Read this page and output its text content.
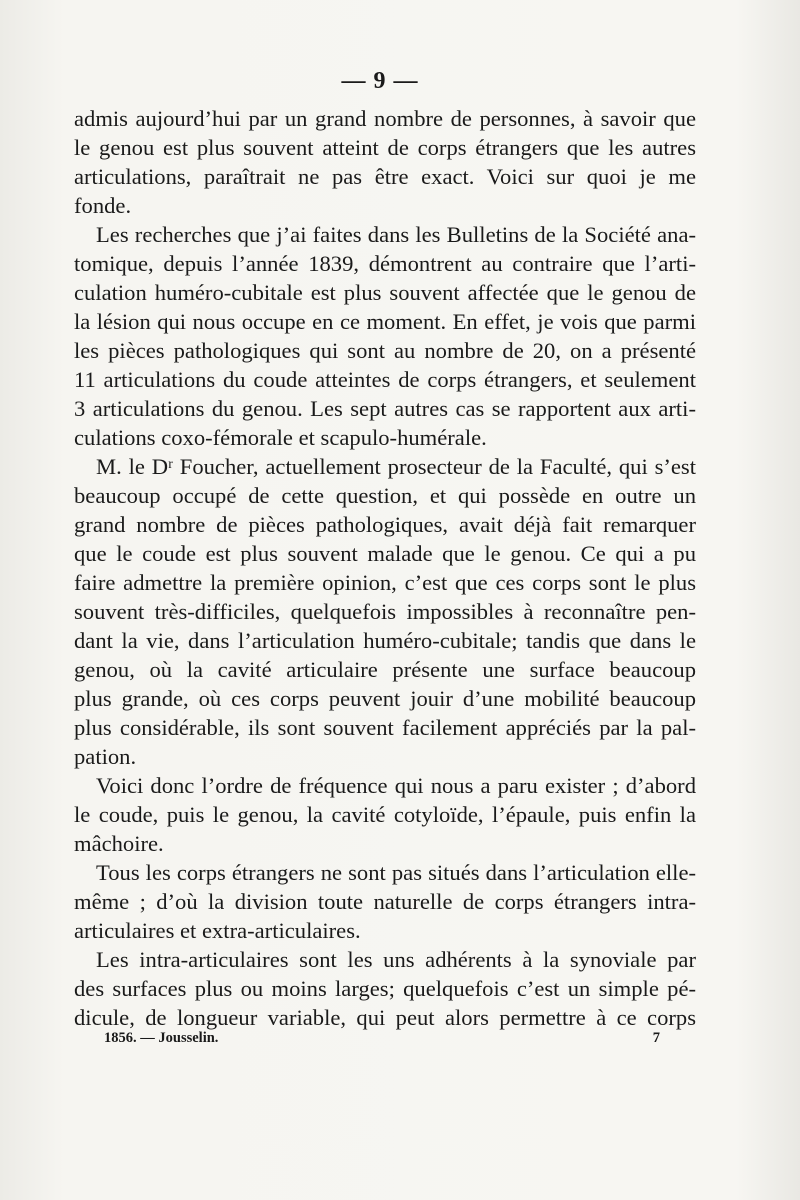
— 9 —
admis aujourd’hui par un grand nombre de personnes, à savoir que
le genou est plus souvent atteint de corps étrangers que les autres
articulations, paraîtrait ne pas être exact. Voici sur quoi je me
fonde.
Les recherches que j’ai faites dans les Bulletins de la Société ana-
tomique, depuis l’année 1839, démontrent au contraire que l’arti-
culation huméro-cubitale est plus souvent affectée que le genou de
la lésion qui nous occupe en ce moment. En effet, je vois que parmi
les pièces pathologiques qui sont au nombre de 20, on a présenté
11 articulations du coude atteintes de corps étrangers, et seulement
3 articulations du genou. Les sept autres cas se rapportent aux arti-
culations coxo-fémorale et scapulo-humérale.
M. le Dʳ Foucher, actuellement prosecteur de la Faculté, qui s’est
beaucoup occupé de cette question, et qui possède en outre un
grand nombre de pièces pathologiques, avait déjà fait remarquer
que le coude est plus souvent malade que le genou. Ce qui a pu
faire admettre la première opinion, c’est que ces corps sont le plus
souvent très-difficiles, quelquefois impossibles à reconnaître pen-
dant la vie, dans l’articulation huméro-cubitale; tandis que dans le
genou, où la cavité articulaire présente une surface beaucoup
plus grande, où ces corps peuvent jouir d’une mobilité beaucoup
plus considérable, ils sont souvent facilement appréciés par la pal-
pation.
Voici donc l’ordre de fréquence qui nous a paru exister ; d’abord
le coude, puis le genou, la cavité cotyloïde, l’épaule, puis enfin la
mâchoire.
Tous les corps étrangers ne sont pas situés dans l’articulation elle-
même ; d’où la division toute naturelle de corps étrangers intra-
articulaires et extra-articulaires.
Les intra-articulaires sont les uns adhérents à la synoviale par
des surfaces plus ou moins larges; quelquefois c’est un simple pé-
dicule, de longueur variable, qui peut alors permettre à ce corps
1856. — Jousselin.	7
